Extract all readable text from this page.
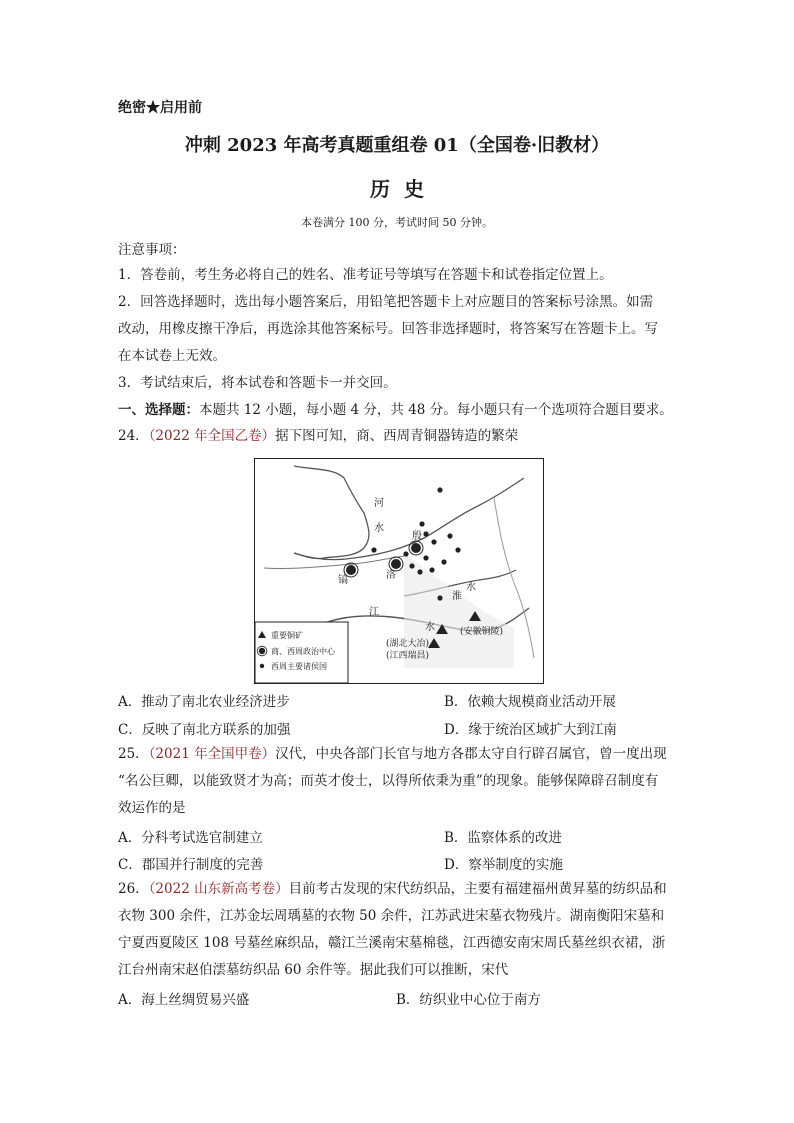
绝密★启用前
冲刺 2023 年高考真题重组卷 01（全国卷·旧教材）
历史
本卷满分 100 分，考试时间 50 分钟。
注意事项：
1．答卷前，考生务必将自己的姓名、准考证号等填写在答题卡和试卷指定位置上。
2．回答选择题时，选出每小题答案后，用铅笔把答题卡上对应题目的答案标号涂黑。如需
改动，用橡皮擦干净后，再选涂其他答案标号。回答非选择题时，将答案写在答题卡上。写
在本试卷上无效。
3．考试结束后，将本试卷和答题卡一并交回。
一、选择题：本题共 12 小题，每小题 4 分，共 48 分。每小题只有一个选项符合题目要求。
24．（2022 年全国乙卷）据下图可知，商、西周青铜器铸造的繁荣
河
水
殷
镐	洛
淮
水
江
水
(湖北大冶)
(江西瑞昌)
(安徽铜陵)
重要铜矿
商、西周政治中心
西周主要诸侯国
A．推动了南北农业经济进步	B．依赖大规模商业活动开展
C．反映了南北方联系的加强	D．缘于统治区域扩大到江南
25．（2021 年全国甲卷）汉代，中央各部门长官与地方各郡太守自行辟召属官，曾一度出现
“名公巨卿，以能致贤才为高；而英才俊士，以得所依秉为重”的现象。能够保障辟召制度有
效运作的是
A．分科考试选官制建立	B．监察体系的改进
C．郡国并行制度的完善	D．察举制度的实施
26．（2022 山东新高考卷）目前考古发现的宋代纺织品，主要有福建福州黄昇墓的纺织品和
衣物 300 余件，江苏金坛周瑀墓的衣物 50 余件，江苏武进宋墓衣物残片。湖南衡阳宋墓和
宁夏西夏陵区 108 号墓丝麻织品，赣江兰溪南宋墓棉毯，江西德安南宋周氏墓丝织衣裙，浙
江台州南宋赵伯澐墓纺织品 60 余件等。据此我们可以推断，宋代
A．海上丝绸贸易兴盛	B．纺织业中心位于南方
